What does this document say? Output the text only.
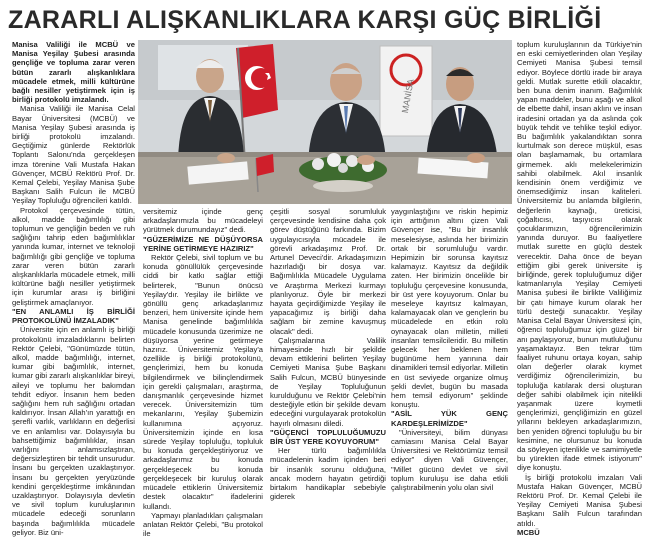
ZARARLI ALIŞKANLIKLARA KARŞI GÜÇ BİRLİĞİ

Manisa Valiliği ile MCBÜ ve Manisa Yeşilay Şubesi arasında gençliğe ve topluma zarar veren bütün zararlı alışkanlıklara mücadele etmek, milli kültürüne bağlı nesiller yetiştirmek için iş birliği protokolü imzalandı.

Manisa Valiliği ile Manisa Celal Bayar Üniversitesi (MCBÜ) ve Manisa Yeşilay Şubesi arasında iş birliği protokolü imzalandı. Geçtiğimiz günlerde Rektörlük Toplantı Salonu'nda gerçekleşen imza törenine Vali Mustafa Hakan Güvençer, MCBÜ Rektörü Prof. Dr. Kemal Çelebi, Yeşilay Manisa Şube Başkanı Salih Fulcun ile MCBÜ Yeşilay Topluluğu öğrencileri katıldı.

Protokol çerçevesinde tütün, alkol, madde bağımlılığı gibi toplumun ve gençliğin beden ve ruh sağlığını tahrip eden bağımlılıklar yanında kumar, internet ve teknoloji bağımlılığı gibi gençliğe ve topluma zarar veren bütün zararlı alışkanlıklarla mücadele etmek, milli kültürüne bağlı nesiller yetiştirmek için kurumlar arası iş birliğini geliştirmek amaçlanıyor.

"EN ANLAMLI İŞ BİRLİĞİ PROTOKOLÜNÜ İMZALADIK"

Üniversite için en anlamlı iş birliği protokolünü imzaladıklarını belirten Rektör Çelebi, "Günümüzde tütün, alkol, madde bağımlılığı, internet, kumar gibi bağımlılık, internet, kumar gibi zararlı alışkanlıklar bireyi, aileyi ve toplumu her bakımdan tehdit ediyor. İnsanın hem beden sağlığını hem ruh sağlığını ortadan kaldırıyor. İnsan Allah'ın yarattığı en şerefli varlık, varlıkların en değerlisi ve en anlamlısı var. Dolayısıyla bu bahsettiğimiz bağımlılıklar, insan varlığını anlamsızlaştıran, değersizleştiren bir tehdit unsurudur. İnsanı bu gerçekten uzaklaştırıyor. İnsanı bu gerçekten yeryüzünde kendini gerçekleştirme imkânından uzaklaştırıyor. Dolayısıyla devletin ve sivil toplum kuruluşlarının mücadele edeceği sorunların başında bağımlılıkla mücadele geliyor. Biz üni-

MANİSA

versitemiz içinde genç arkadaşlarımızla bu mücadeleyi yürütmek durumundayız" dedi.

"GÜZERİMİZE NE DÜŞÜYORSA YERİNE GETİRMEYE HAZIRIZ"

Rektör Çelebi, sivil toplum ve bu konuda gönüllülük çerçevesinde ciddi bir katkı sağlar ettiği belirterek, "Bunun önücsü Yeşilay'dır. Yeşilay ile birlikte ve gönüllü genç arkadaşlarımız benzeri, hem üniversite içinde hem Manisa genelinde bağımlılıkla mücadele konusunda üzerimize ne düşüyorsa yerine getirmeye hazırız. Üniversitemiz Yeşilay'a özellikle iş birliği protokolünü, gençlerimizi, hem bu konuda bilgilendirmek ve bilinçlendirmek için gerekli çalışmaları, araştırma, danışmanlık çerçevesinde hizmet verecek. Üniversitemizin tüm mekanlarını, Yeşilay Şubemizin kullanımına açıyoruz. Üniversitemizin içinde en kısa sürede Yeşilay topluluğu, topluluk bu konuda gerçekleştiriyoruz ve arkadaşlarımız bu konuda gerçekleşecek bu konuda gerçekleşecek bir kuruluş olarak mücadele ettiklerin Üniversitemiz destek olacaktır" ifadelerini kullandı.

Yapmayı planladıkları çalışmaları anlatan Rektör Çelebi, "Bu protokol ile

çeşitli sosyal sorumluluk çerçevesinde kendisine daha çok görev düştüğünü farkında. Bizim uygulayıcısıyla mücadele ile görevli arkadaşımız Prof. Dr. Artunel Deveci'dir. Arkadaşımızın hazırladığı bir dosya var. Bağımlılıkla Mücadele Uygulama ve Araştırma Merkezi kurmayı planlıyoruz. Öyle bir merkezi hayata geçirdiğimizde Yeşilay ile yapacağımız iş birliği daha sağlam bir zemine kavuşmuş olacak" dedi.

Çalışmalarına Valilik himayesinde hızlı bir şekilde devam ettiklerini belirten Yeşilay Cemiyeti Manisa Şube Başkanı Salih Fulcun, MCBÜ bünyesinde de Yeşilay Topluluğunun kurulduğunu ve Rektör Çelebi'nin desteğiyle etkin bir şekilde devam edeceğini vurgulayarak protokolün hayırlı olmasını diledi.

"GÜÇENCİ TOPLULUĞUMUZU BİR ÜST YERE KOYUYORUM"

Her türlü bağımlılıkla mücadelenin kadim içinden beri bir insanlık sorunu olduğuna, ancak modern hayatın getirdiği birtakım handikaplar sebebiyle giderek

yaygınlaştığını ve riskin hepimiz için arttığının altını çizen Vali Güvençer ise, "Bu bir insanlık meselesiyse, aslında her birimizin ortak bir sorumluluğu vardır. Hepimizin bir sorunsa kayıtsız kalamayız. Kayıtsız da değildik zaten. Her birimizin öncelikle bir topluluğu çerçevesine konusunda, bir üst yere koyuyorum. Onlar bu meseleye kayıtsız kalmayan, kalamayacak olan ve gençlerin bu mücadelede en etkin rolü oynayacak olan milletin, milleti insanları temsilcileridir. Bu milletin gelecek her beklenen hem bugünüme hem yarınına dair dinamikleri temsil ediyorlar. Milletin en üst seviyede organize olmuş şekli devlet, bugün bu masada hem temsil ediyorum" şeklinde konuştu.

"ASİL YÜK GENÇ KARDEŞLERİMİZDE"

"Üniversiteyi, bilim dünyası camiasını Manisa Celal Bayar Üniversitesi ve Rektörümüz temsil ediyor" diyen Vali Güvençer, "Millet gücünü devlet ve sivil toplum kuruluşu ise daha etkili çalıştırabilmenin yolu olan sivil

toplum kuruluşlarının da Türkiye'nin en eski cemiyetlerinden olan Yeşilay Cemiyeti Manisa Şubesi temsil ediyor. Böylece dörtlü irade bir araya geldi. Mutlak surette etkili olacaktır, ben buna denim inanım. Bağımlılık yapan maddeler, bunu aşağı ve alkol de elbette dahil, insan aklını ve insan iradesini ortadan ya da aslında çok büyük tehdit ve tehlike teşkil ediyor. Bu bağımlılık yakalandıktan sonra kurtulmak son derece müşkül, esas olan başlamamak, bu ortamlara girmemek. aklı melekelerimizin sahibi olabilmek. Akıl insanlık kendisinin önem verdiğimiz ve önemsediğimiz insan kaliteleri. Üniversitemiz bu anlamda bilgilerin, değerlerin kaynağı, üreticisi, çoğaltıcısı, taşıyıcısı olarak çocuklarımızın, öğrencilerimizin yanında duruyor. Bu faaliyetlere mutlak surette en güçlü destek verecektir. Daha önce de beyan ettiğim gibi gerek üniversite iş birliğinde, gerek topluluğumuz diğer katmanlarıyla Yeşilay Cemiyeti Manisa şubesi ile birlikte Valiliğimiz bir çatı himaye kurum olarak her türlü desteği sunacaktır. Yeşilay Manisa Celal Bayar Üniversitesi için, öğrenci topluluğumuz için güzel bir anı paylaşıyoruz, bunun mutluluğunu yaşamaktayız. Ben tekrar tüm faaliyet ruhunu ortaya koyan, sahip olan değerler olarak kıymet verdiğimiz öğrencilerimizin, bu topluluğa katılarak dersi oluşturan değer sahibi olabilmek için nitelikli yaşanmak üzere kıymetli gençlerimizi, gençliğimizin en güzel yıllarını bekleyen arkadaşlarımızın, ben yeniden öğrenci topluluğu bu bir kesimine, ne olursunuz bu konuda da söyleyen içtenlikle ve samimiyetle bu yürekten ifade etmek istiyorum" diye konuştu.

İş birliği protokolü imzaları Vali Mustafa Hakan Güvençer, MCBÜ Rektörü Prof. Dr. Kemal Çelebi ile Yeşilay Cemiyeti Manisa Şubesi Başkanı Salih Fulcun tarafından atıldı.

MCBÜ
